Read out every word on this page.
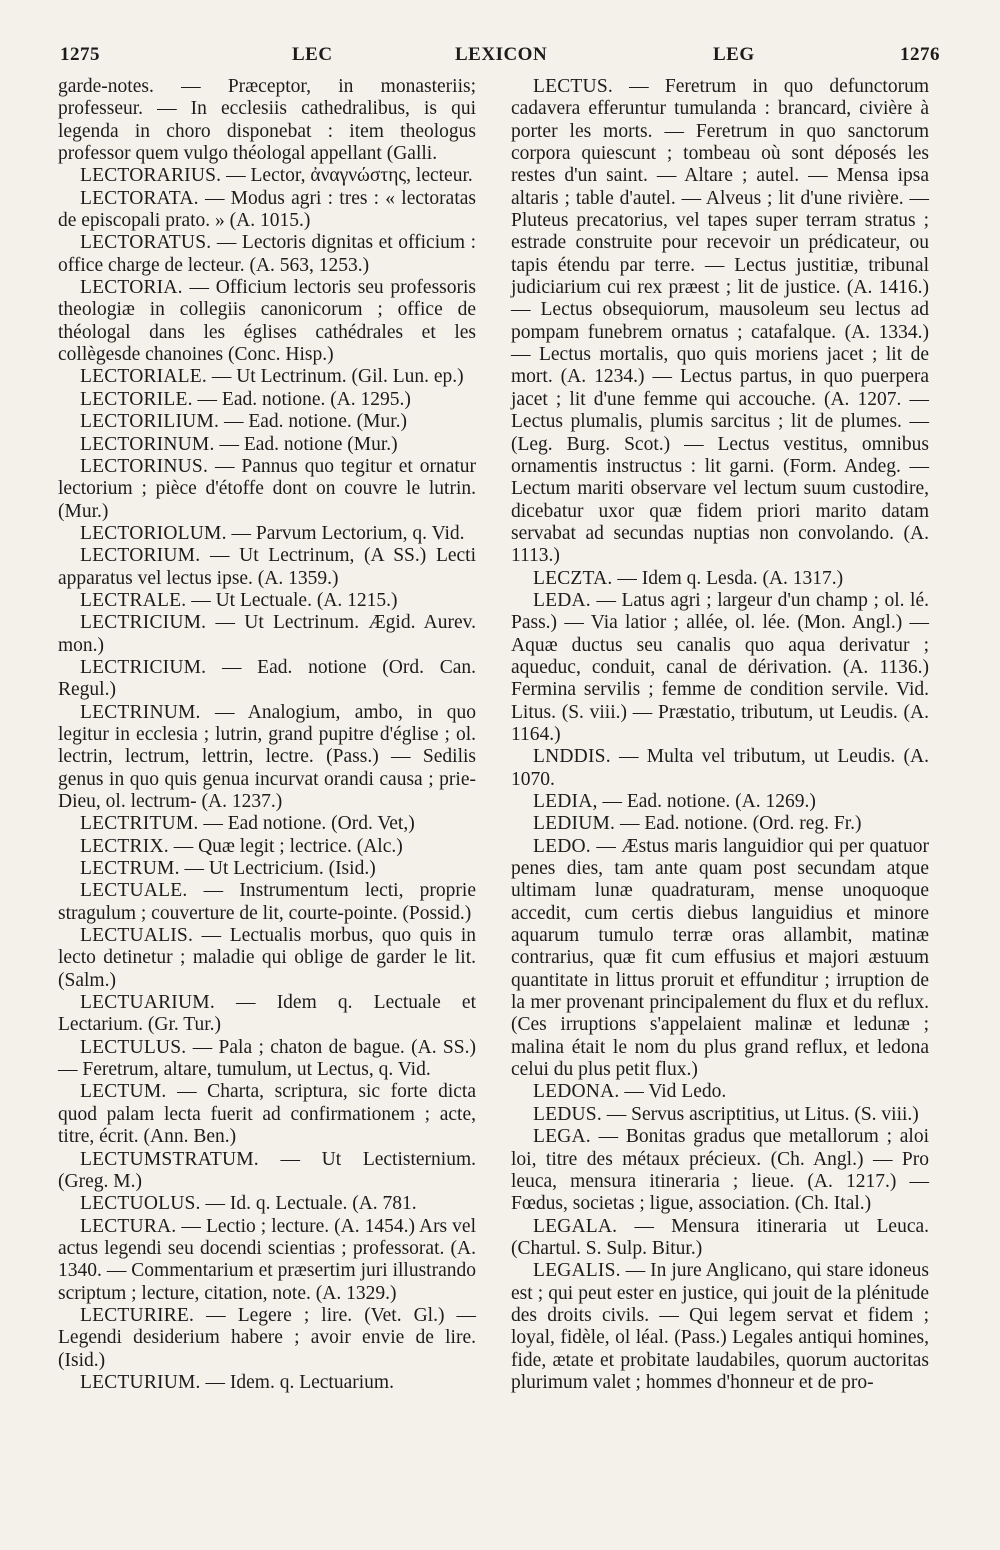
1275	LEC	LEXICON	LEG	1276
garde-notes. — Præceptor, in monasteriis; professeur. — In ecclesiis cathedralibus, is qui legenda in choro disponebat : item theologus professor quem vulgo théologal appellant (Galli.
LECTORARIUS. — Lector, ἀναγνώστης, lecteur.
LECTORATA. — Modus agri : tres : « lectoratas de episcopali prato. » (A. 1015.)
LECTORATUS. — Lectoris dignitas et officium : office charge de lecteur. (A. 563, 1253.)
LECTORIA. — Officium lectoris seu professoris theologiæ in collegiis canonicorum ; office de théologal dans les églises cathédrales et les collègesde chanoines (Conc. Hisp.)
LECTORIALE. — Ut Lectrinum. (Gil. Lun. ep.)
LECTORILE. — Ead. notione. (A. 1295.)
LECTORILIUM. — Ead. notione. (Mur.)
LECTORINUM. — Ead. notione (Mur.)
LECTORINUS. — Pannus quo tegitur et ornatur lectorium ; pièce d'étoffe dont on couvre le lutrin. (Mur.)
LECTORIOLUM. — Parvum Lectorium, q. Vid.
LECTORIUM. — Ut Lectrinum, (A SS.) Lecti apparatus vel lectus ipse. (A. 1359.)
LECTRALE. — Ut Lectuale. (A. 1215.)
LECTRICIUM. — Ut Lectrinum. Ægid. Aurev. mon.)
LECTRICIUM. — Ead. notione (Ord. Can. Regul.)
LECTRINUM. — Analogium, ambo, in quo legitur in ecclesia ; lutrin, grand pupitre d'église ; ol. lectrin, lectrum, lettrin, lectre. (Pass.) — Sedilis genus in quo quis genua incurvat orandi causa ; prie-Dieu, ol. lectrum- (A. 1237.)
LECTRITUM. — Ead notione. (Ord. Vet,)
LECTRIX. — Quæ legit ; lectrice. (Alc.)
LECTRUM. — Ut Lectricium. (Isid.)
LECTUALE. — Instrumentum lecti, proprie stragulum ; couverture de lit, courte-pointe. (Possid.)
LECTUALIS. — Lectualis morbus, quo quis in lecto detinetur ; maladie qui oblige de garder le lit. (Salm.)
LECTUARIUM. — Idem q. Lectuale et Lectarium. (Gr. Tur.)
LECTULUS. — Pala ; chaton de bague. (A. SS.)— Feretrum, altare, tumulum, ut Lectus, q. Vid.
LECTUM. — Charta, scriptura, sic forte dicta quod palam lecta fuerit ad confirmationem ; acte, titre, écrit. (Ann. Ben.)
LECTUMSTRATUM. — Ut Lectisternium. (Greg. M.)
LECTUOLUS. — Id. q. Lectuale. (A. 781.
LECTURA. — Lectio ; lecture. (A. 1454.) Ars vel actus legendi seu docendi scientias ; professorat. (A. 1340. — Commentarium et præsertim juri illustrando scriptum ; lecture, citation, note. (A. 1329.)
LECTURIRE. — Legere ; lire. (Vet. Gl.) — Legendi desiderium habere ; avoir envie de lire. (Isid.)
LECTURIUM. — Idem. q. Lectuarium.
LECTUS. — Feretrum in quo defunctorum cadavera efferuntur tumulanda : brancard, civière à porter les morts. — Feretrum in quo sanctorum corpora quiescunt ; tombeau où sont déposés les restes d'un saint. — Altare ; autel. — Mensa ipsa altaris ; table d'autel. — Alveus ; lit d'une rivière. — Pluteus precatorius, vel tapes super terram stratus ; estrade construite pour recevoir un prédicateur, ou tapis étendu par terre. — Lectus justitiæ, tribunal judiciarium cui rex præest ; lit de justice. (A. 1416.) — Lectus obsequiorum, mausoleum seu lectus ad pompam funebrem ornatus ; catafalque. (A. 1334.) — Lectus mortalis, quo quis moriens jacet ; lit de mort. (A. 1234.) — Lectus partus, in quo puerpera jacet ; lit d'une femme qui accouche. (A. 1207. — Lectus plumalis, plumis sarcitus ; lit de plumes. — (Leg. Burg. Scot.) — Lectus vestitus, omnibus ornamentis instructus : lit garni. (Form. Andeg. — Lectum mariti observare vel lectum suum custodire, dicebatur uxor quæ fidem priori marito datam servabat ad secundas nuptias non convolando. (A. 1113.)
LECZTA. — Idem q. Lesda. (A. 1317.)
LEDA. — Latus agri ; largeur d'un champ ; ol. lé. Pass.) — Via latior ; allée, ol. lée. (Mon. Angl.) — Aquæ ductus seu canalis quo aqua derivatur ; aqueduc, conduit, canal de dérivation. (A. 1136.) Fermina servilis ; femme de condition servile. Vid. Litus. (S. viii.) — Præstatio, tributum, ut Leudis. (A. 1164.)
LNDDIS. — Multa vel tributum, ut Leudis. (A. 1070.
LEDIA, — Ead. notione. (A. 1269.)
LEDIUM. — Ead. notione. (Ord. reg. Fr.)
LEDO. — Æstus maris languidior qui per quatuor penes dies, tam ante quam post secundam atque ultimam lunæ quadraturam, mense unoquoque accedit, cum certis diebus languidius et minore aquarum tumulo terræ oras allambit, matinæ contrarius, quæ fit cum effusius et majori æstuum quantitate in littus proruit et effunditur ; irruption de la mer provenant principalement du flux et du reflux. (Ces irruptions s'appelaient malinæ et ledunæ ; malina était le nom du plus grand reflux, et ledona celui du plus petit flux.)
LEDONA. — Vid Ledo.
LEDUS. — Servus ascriptitius, ut Litus. (S. viii.)
LEGA. — Bonitas gradus que metallorum ; aloi loi, titre des métaux précieux. (Ch. Angl.) — Pro leuca, mensura itineraria ; lieue. (A. 1217.) — Fœdus, societas ; ligue, association. (Ch. Ital.)
LEGALA. — Mensura itineraria ut Leuca. (Chartul. S. Sulp. Bitur.)
LEGALIS. — In jure Anglicano, qui stare idoneus est ; qui peut ester en justice, qui jouit de la plénitude des droits civils. — Qui legem servat et fidem ; loyal, fidèle, ol léal. (Pass.) Legales antiqui homines, fide, ætate et probitate laudabiles, quorum auctoritas plurimum valet ; hommes d'honneur et de pro-
